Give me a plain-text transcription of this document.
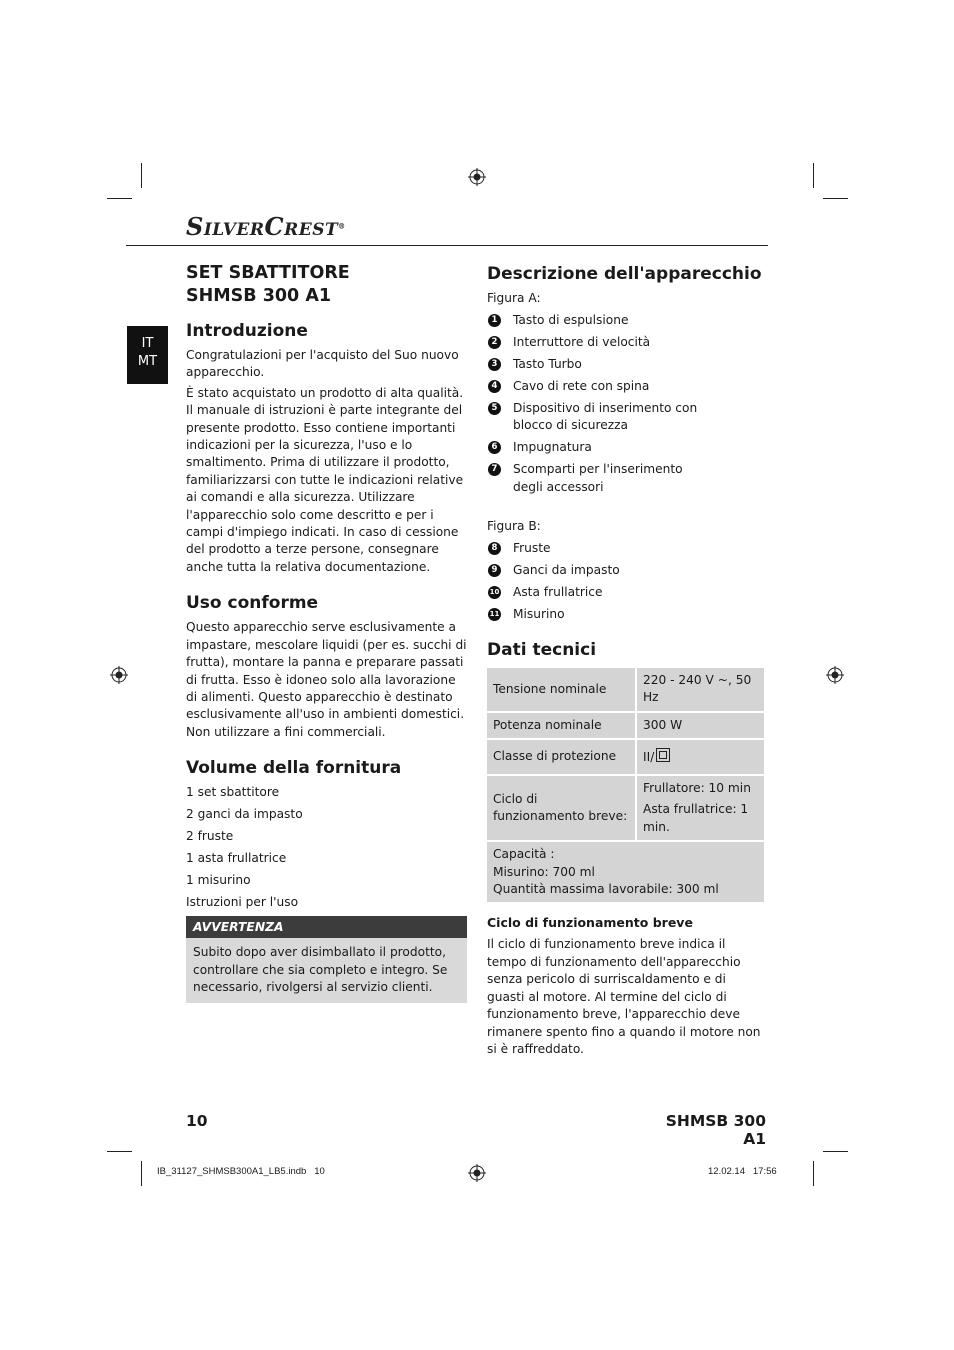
SILVERCREST®
IT
MT
SET SBATTITORE
SHMSB 300 A1
Introduzione

Congratulazioni per l'acquisto del Suo nuovo apparecchio.

È stato acquistato un prodotto di alta qualità. Il manuale di istruzioni è parte integrante del presente prodotto. Esso contiene importanti indicazioni per la sicurezza, l'uso e lo smaltimento. Prima di utilizzare il prodotto, familiarizzarsi con tutte le indicazioni relative ai comandi e alla sicurezza. Utilizzare l'apparecchio solo come descritto e per i campi d'impiego indicati. In caso di cessione del prodotto a terze persone, consegnare anche tutta la relativa documentazione.

Uso conforme

Questo apparecchio serve esclusivamente a impastare, mescolare liquidi (per es. succhi di frutta), montare la panna e preparare passati di frutta. Esso è idoneo solo alla lavorazione di alimenti. Questo apparecchio è destinato esclusivamente all'uso in ambienti domestici. Non utilizzare a fini commerciali.

Volume della fornitura

1 set sbattitore

2 ganci da impasto

2 fruste

1 asta frullatrice

1 misurino

Istruzioni per l'uso

AVVERTENZA

Subito dopo aver disimballato il prodotto, controllare che sia completo e integro. Se necessario, rivolgersi al servizio clienti.

Descrizione dell'apparecchio
Figura A:
1 Tasto di espulsione
2 Interruttore di velocità
3 Tasto Turbo
4 Cavo di rete con spina
5 Dispositivo di inserimento con blocco di sicurezza
6 Impugnatura
7 Scomparti per l'inserimento degli accessori
Figura B:
8 Fruste
9 Ganci da impasto
10 Asta frullatrice
11 Misurino
Dati tecnici
Tensione nominale	220 - 240 V ~, 50 Hz
Potenza nominale	300 W
Classe di protezione	II/
Ciclo di funzionamento breve:	Frullatore: 10 min

Asta frullatrice: 1 min.

Capacità :
Misurino: 700 ml
Quantità massima lavorabile: 300 ml	
Ciclo di funzionamento breve

Il ciclo di funzionamento breve indica il tempo di funzionamento dell'apparecchio senza pericolo di surriscaldamento e di guasti al motore. Al termine del ciclo di funzionamento breve, l'apparecchio deve rimanere spento fino a quando il motore non si è raffreddato.

10	SHMSB 300 A1
IB_31127_SHMSB300A1_LB5.indb   10	12.02.14   17:56
